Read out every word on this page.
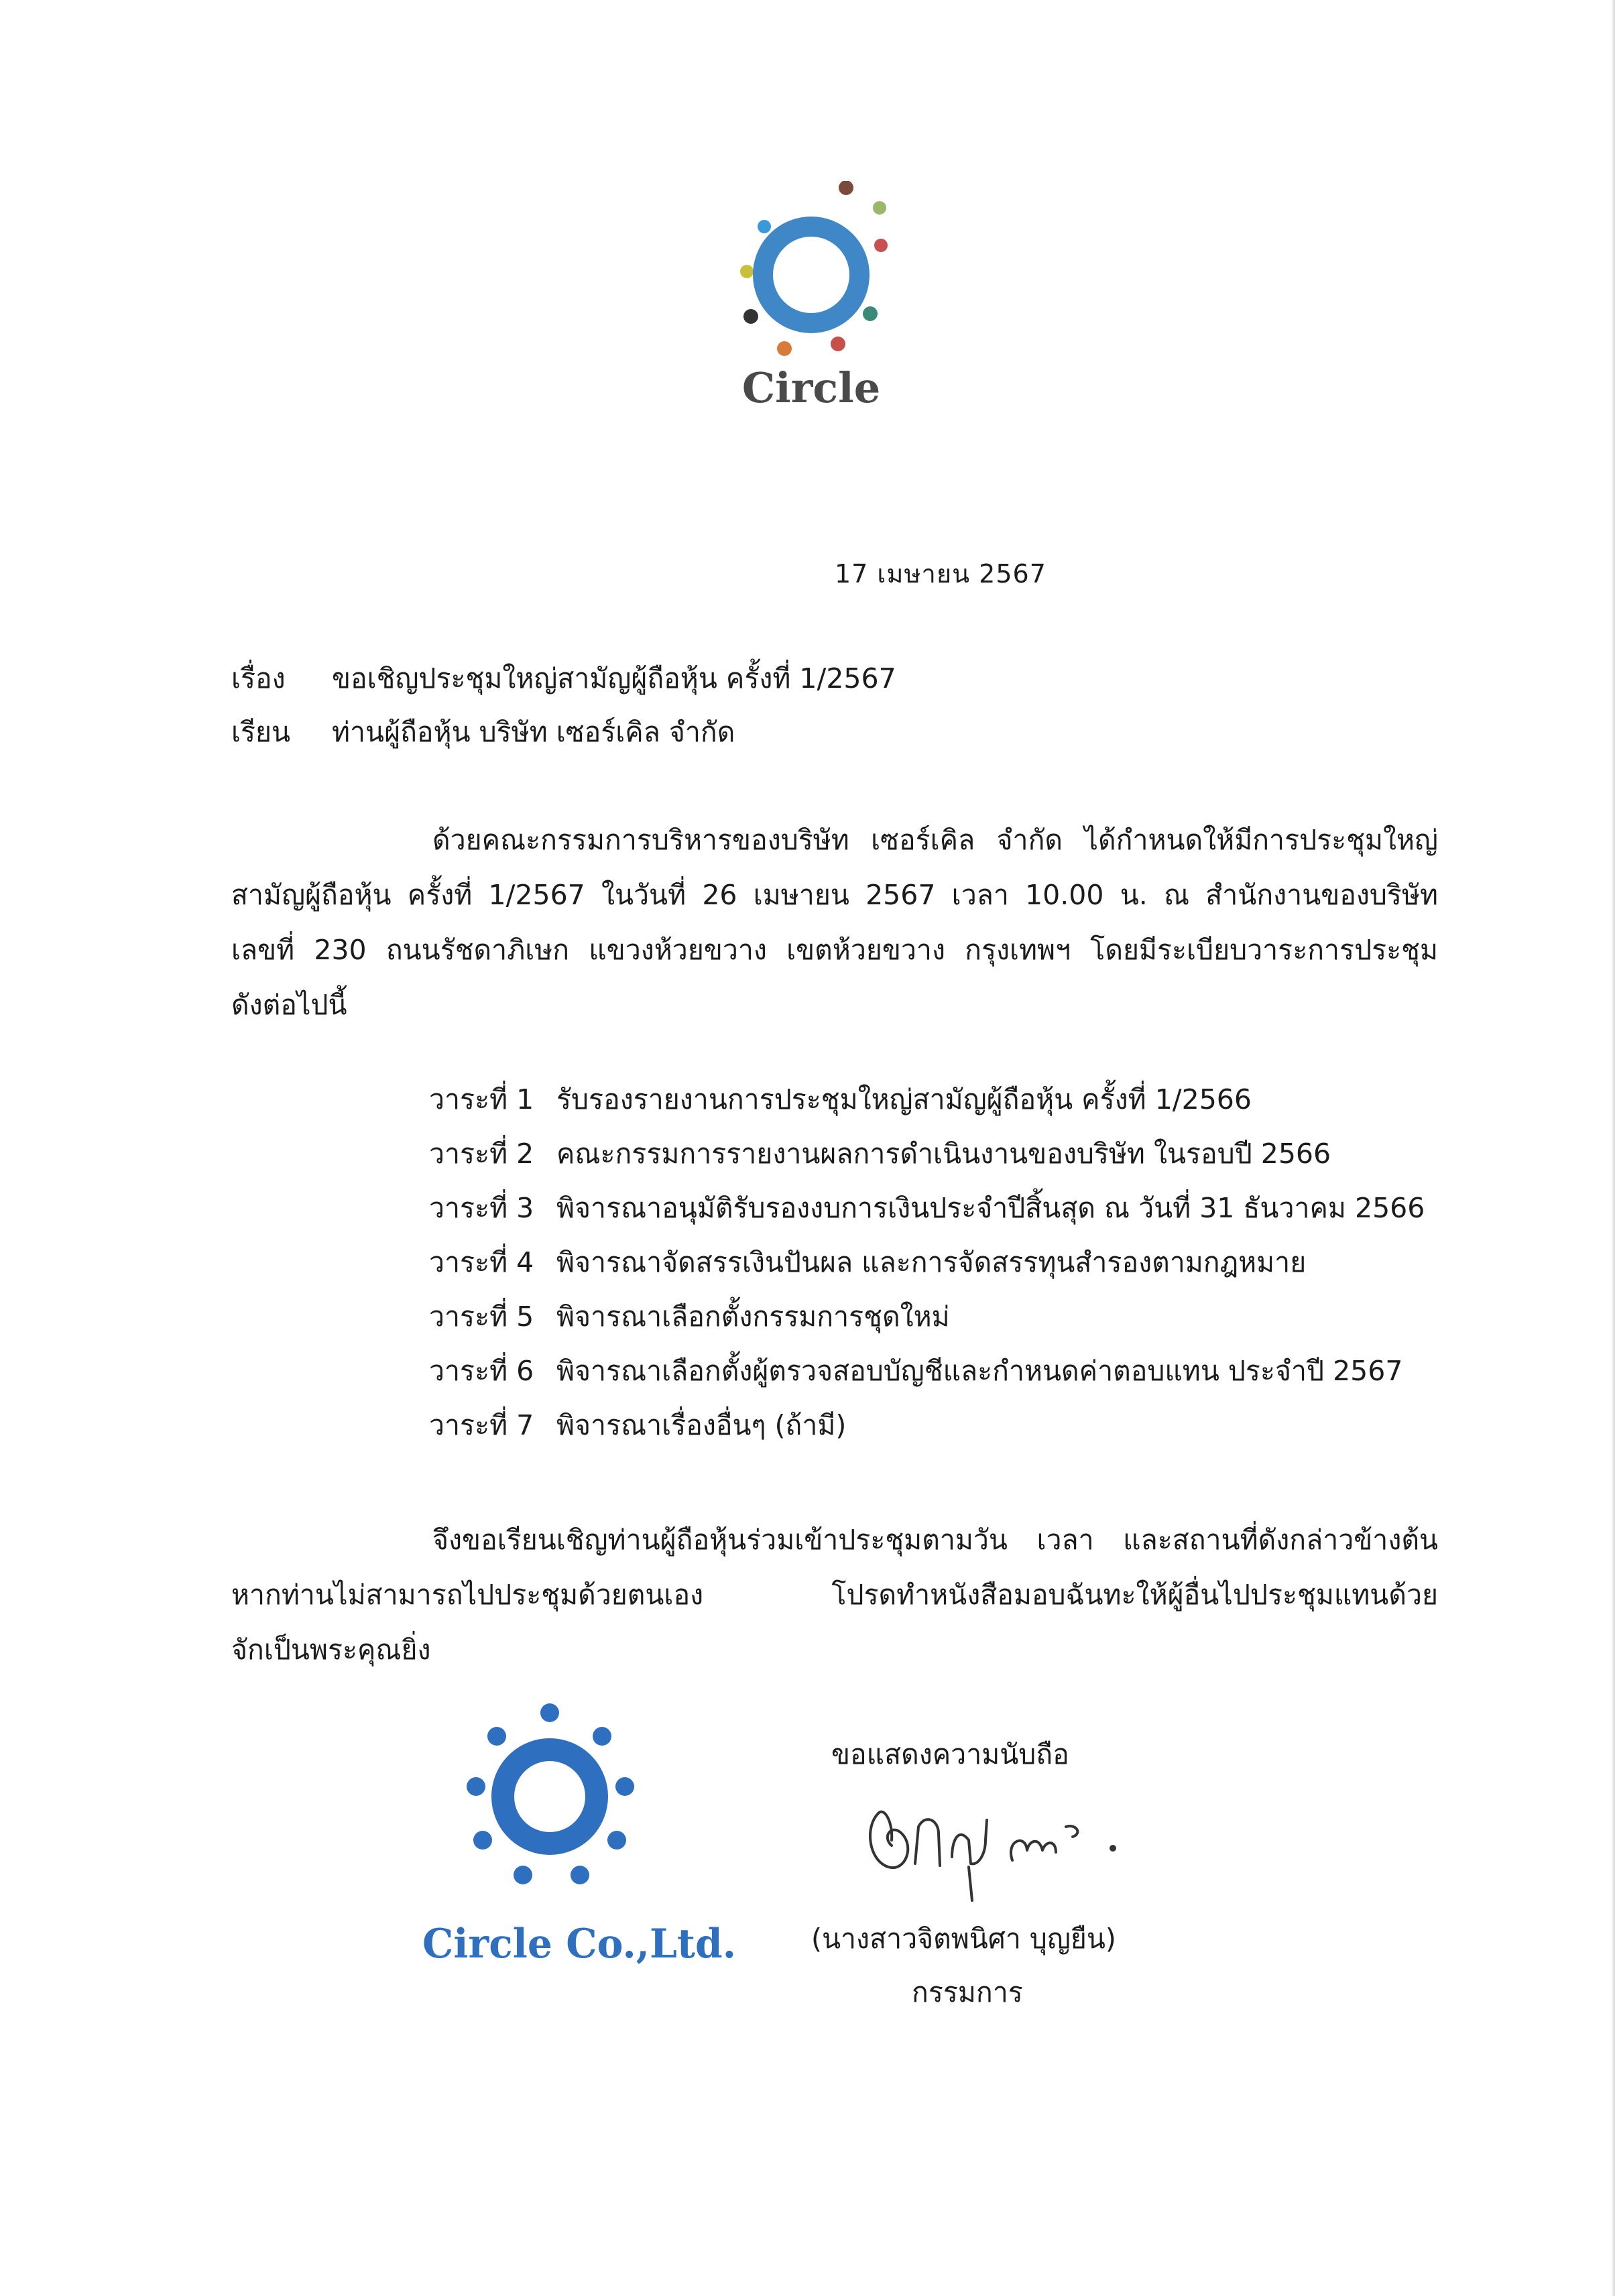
Circle
17 เมษายน 2567
เรื่อง ขอเชิญประชุมใหญ่สามัญผู้ถือหุ้น ครั้งที่ 1/2567
เรียน ท่านผู้ถือหุ้น บริษัท เซอร์เคิล จำกัด
ด้วยคณะกรรมการบริหารของบริษัท เซอร์เคิล จำกัด ได้กำหนดให้มีการประชุมใหญ่
สามัญผู้ถือหุ้น ครั้งที่ 1/2567 ในวันที่ 26 เมษายน 2567 เวลา 10.00 น. ณ สำนักงานของบริษัท
เลขที่ 230 ถนนรัชดาภิเษก แขวงห้วยขวาง เขตห้วยขวาง กรุงเทพฯ โดยมีระเบียบวาระการประชุม
ดังต่อไปนี้
วาระที่ 1 รับรองรายงานการประชุมใหญ่สามัญผู้ถือหุ้น ครั้งที่ 1/2566
วาระที่ 2 คณะกรรมการรายงานผลการดำเนินงานของบริษัท ในรอบปี 2566
วาระที่ 3 พิจารณาอนุมัติรับรองงบการเงินประจำปีสิ้นสุด ณ วันที่ 31 ธันวาคม 2566
วาระที่ 4 พิจารณาจัดสรรเงินปันผล และการจัดสรรทุนสำรองตามกฎหมาย
วาระที่ 5 พิจารณาเลือกตั้งกรรมการชุดใหม่
วาระที่ 6 พิจารณาเลือกตั้งผู้ตรวจสอบบัญชีและกำหนดค่าตอบแทน ประจำปี 2567
วาระที่ 7 พิจารณาเรื่องอื่นๆ (ถ้ามี)
จึงขอเรียนเชิญท่านผู้ถือหุ้นร่วมเข้าประชุมตามวัน เวลา และสถานที่ดังกล่าวข้างต้น
หากท่านไม่สามารถไปประชุมด้วยตนเอง โปรดทำหนังสือมอบฉันทะให้ผู้อื่นไปประชุมแทนด้วย
จักเป็นพระคุณยิ่ง
Circle Co.,Ltd.
ขอแสดงความนับถือ
(นางสาวจิตพนิศา บุญยืน)
กรรมการ
